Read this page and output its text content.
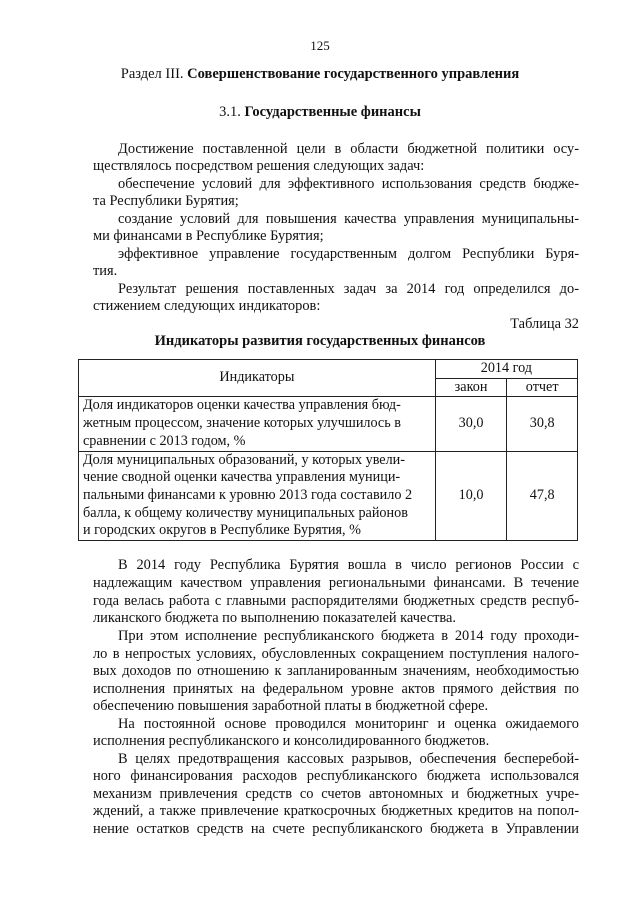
125
Раздел III. Совершенствование государственного управления
3.1. Государственные финансы
Достижение поставленной цели в области бюджетной политики осу-
ществлялось посредством решения следующих задач:
обеспечение условий для эффективного использования средств бюдже-
та Республики Бурятия;
создание условий для повышения качества управления муниципальны-
ми финансами в Республике Бурятия;
эффективное управление государственным долгом Республики Буря-
тия.
Результат решения поставленных задач за 2014 год определился до-
стижением следующих индикаторов:
Таблица 32
Индикаторы развития государственных финансов
Индикаторы	2014 год	
	закон	отчет

Доля индикаторов оценки качества управления бюд-
жетным процессом, значение которых улучшилось в
сравнении с 2013 годом, %	30,0	30,8

Доля муниципальных образований, у которых увели-
чение сводной оценки качества управления муници-
пальными финансами к уровню 2013 года составило 2
балла, к общему количеству муниципальных районов
и городских округов в Республике Бурятия, %	10,0	47,8
В 2014 году Республика Бурятия вошла в число регионов России с
надлежащим качеством управления региональными финансами. В течение
года велась работа с главными распорядителями бюджетных средств респуб-
ликанского бюджета по выполнению показателей качества.
При этом исполнение республиканского бюджета в 2014 году проходи-
ло в непростых условиях, обусловленных сокращением поступления налого-
вых доходов по отношению к запланированным значениям, необходимостью
исполнения принятых на федеральном уровне актов прямого действия по
обеспечению повышения заработной платы в бюджетной сфере.
На постоянной основе проводился мониторинг и оценка ожидаемого
исполнения республиканского и консолидированного бюджетов.
В целях предотвращения кассовых разрывов, обеспечения бесперебой-
ного финансирования расходов республиканского бюджета использовался
механизм привлечения средств со счетов автономных и бюджетных учре-
ждений, а также привлечение краткосрочных бюджетных кредитов на попол-
нение остатков средств на счете республиканского бюджета в Управлении
